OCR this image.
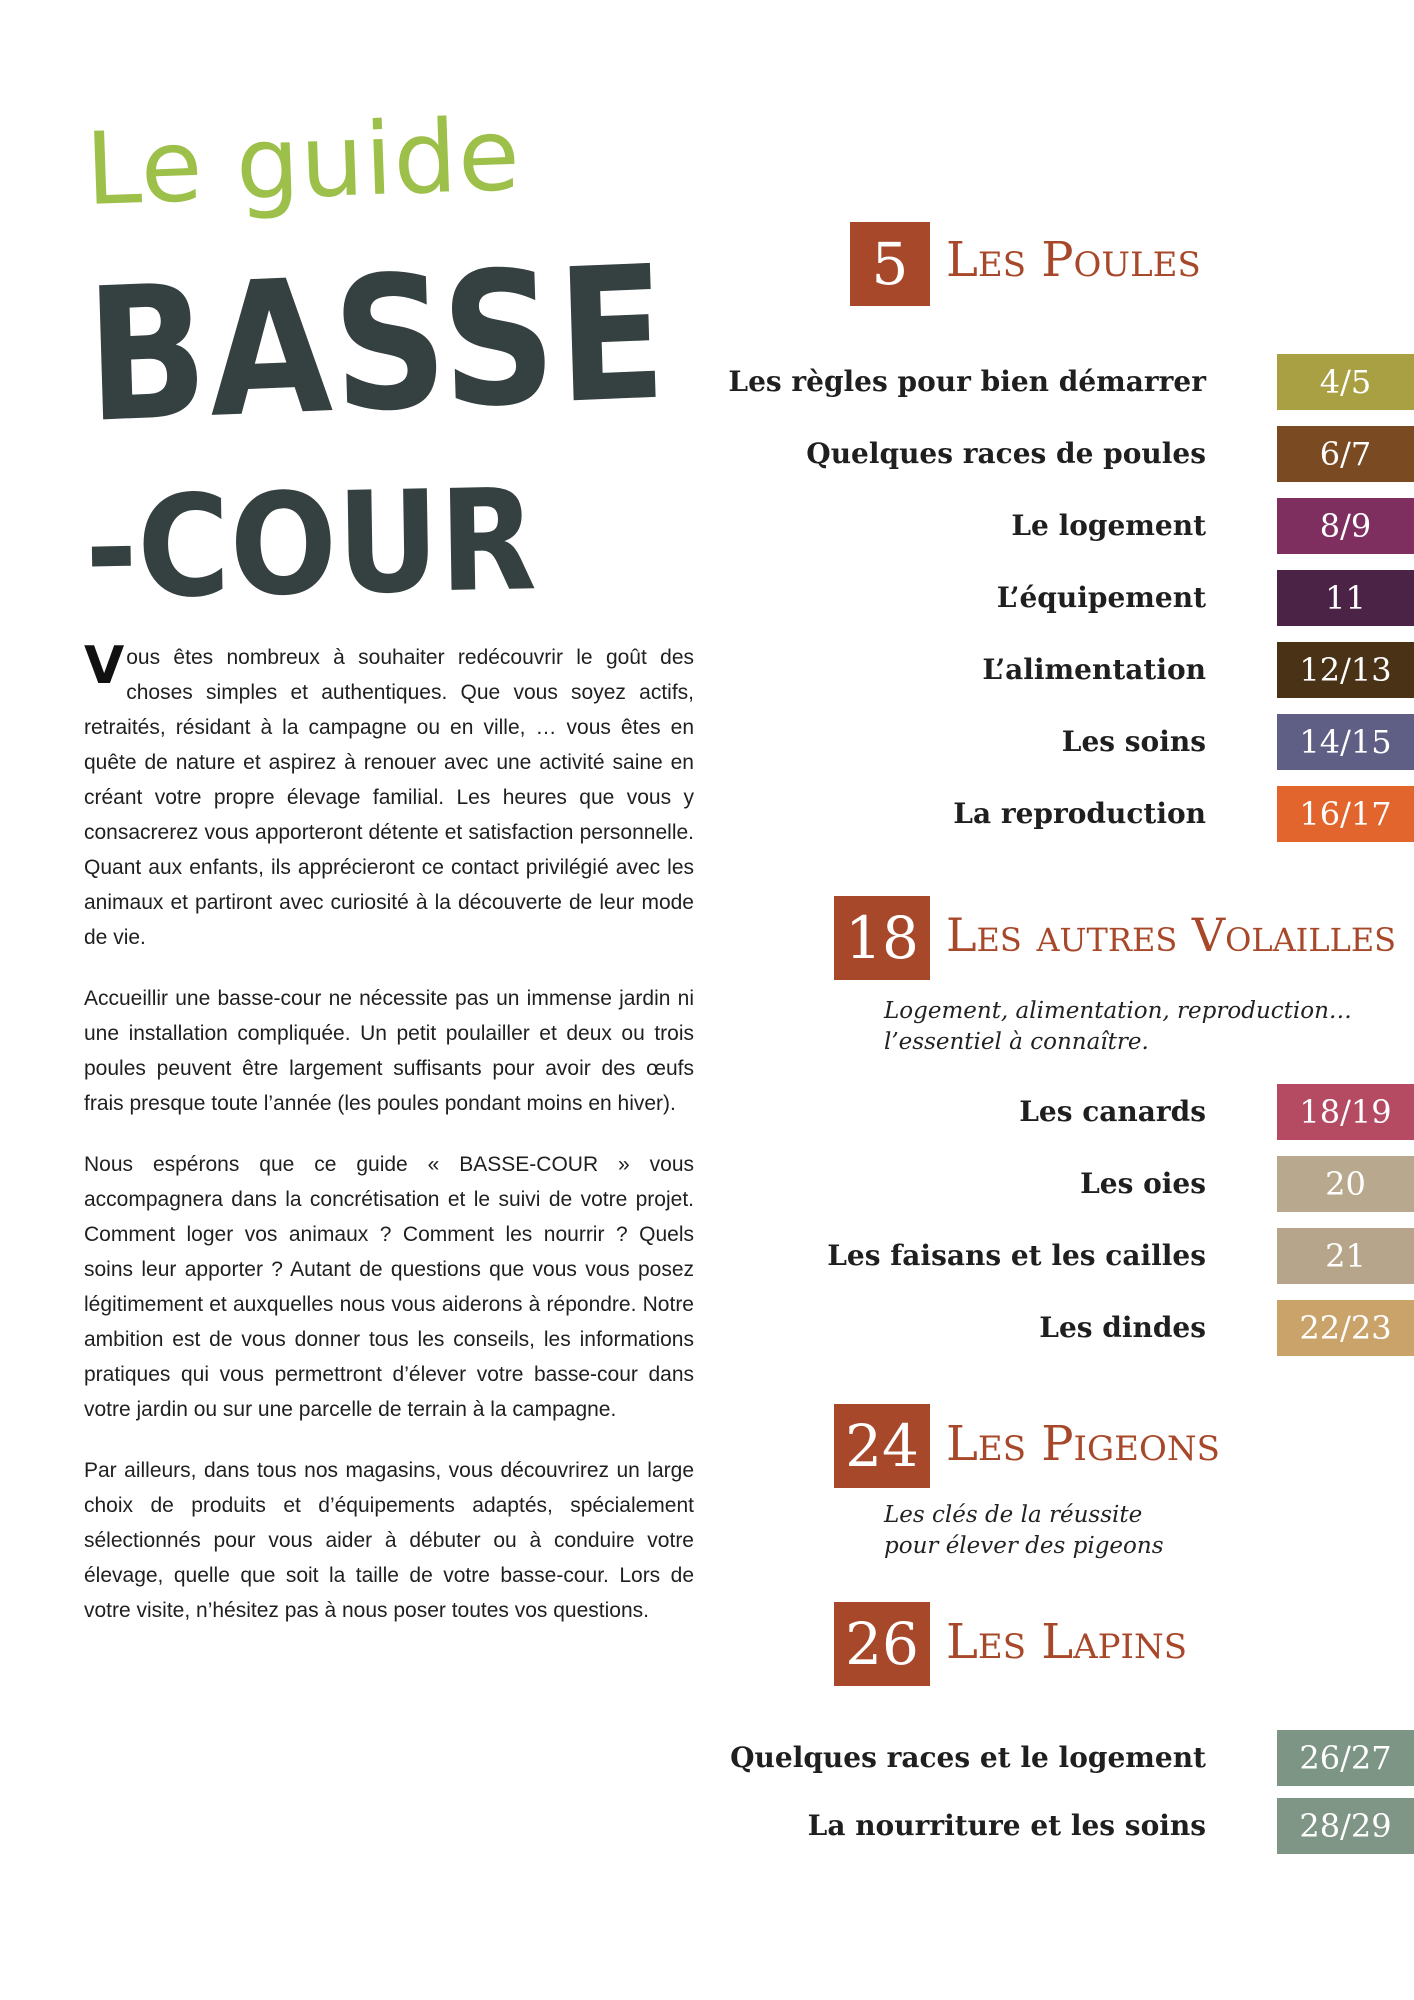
Le guide
BASSE
-COUR

Vous êtes nombreux à souhaiter redécouvrir le goût des choses simples et authentiques. Que vous soyez actifs, retraités, résidant à la campagne ou en ville, … vous êtes en quête de nature et aspirez à renouer avec une activité saine en créant votre propre élevage familial. Les heures que vous y consacrerez vous apporteront détente et satisfaction personnelle. Quant aux enfants, ils apprécieront ce contact privilégié avec les animaux et partiront avec curiosité à la découverte de leur mode de vie.

Accueillir une basse-cour ne nécessite pas un immense jardin ni une installation compliquée. Un petit poulailler et deux ou trois poules peuvent être largement suffisants pour avoir des œufs frais presque toute l’année (les poules pondant moins en hiver).

Nous espérons que ce guide « BASSE-COUR » vous accompagnera dans la concrétisation et le suivi de votre projet. Comment loger vos animaux ? Comment les nourrir ? Quels soins leur apporter ? Autant de questions que vous vous posez légitimement et auxquelles nous vous aiderons à répondre. Notre ambition est de vous donner tous les conseils, les informations pratiques qui vous permettront d’élever votre basse-cour dans votre jardin ou sur une parcelle de terrain à la campagne.

Par ailleurs, dans tous nos magasins, vous découvrirez un large choix de produits et d’équipements adaptés, spécialement sélectionnés pour vous aider à débuter ou à conduire votre élevage, quelle que soit la taille de votre basse-cour. Lors de votre visite, n’hésitez pas à nous poser toutes vos questions.

5 Les Poules
Les règles pour bien démarrer	4/5
Quelques races de poules	6/7
Le logement	8/9
L’équipement	11
L’alimentation	12/13
Les soins	14/15
La reproduction	16/17
18 Les autres Volailles
Logement, alimentation, reproduction…
l’essentiel à connaître.
Les canards	18/19
Les oies	20
Les faisans et les cailles	21
Les dindes	22/23
24 Les Pigeons
Les clés de la réussite
pour élever des pigeons
26 Les Lapins
Quelques races et le logement	26/27
La nourriture et les soins	28/29
